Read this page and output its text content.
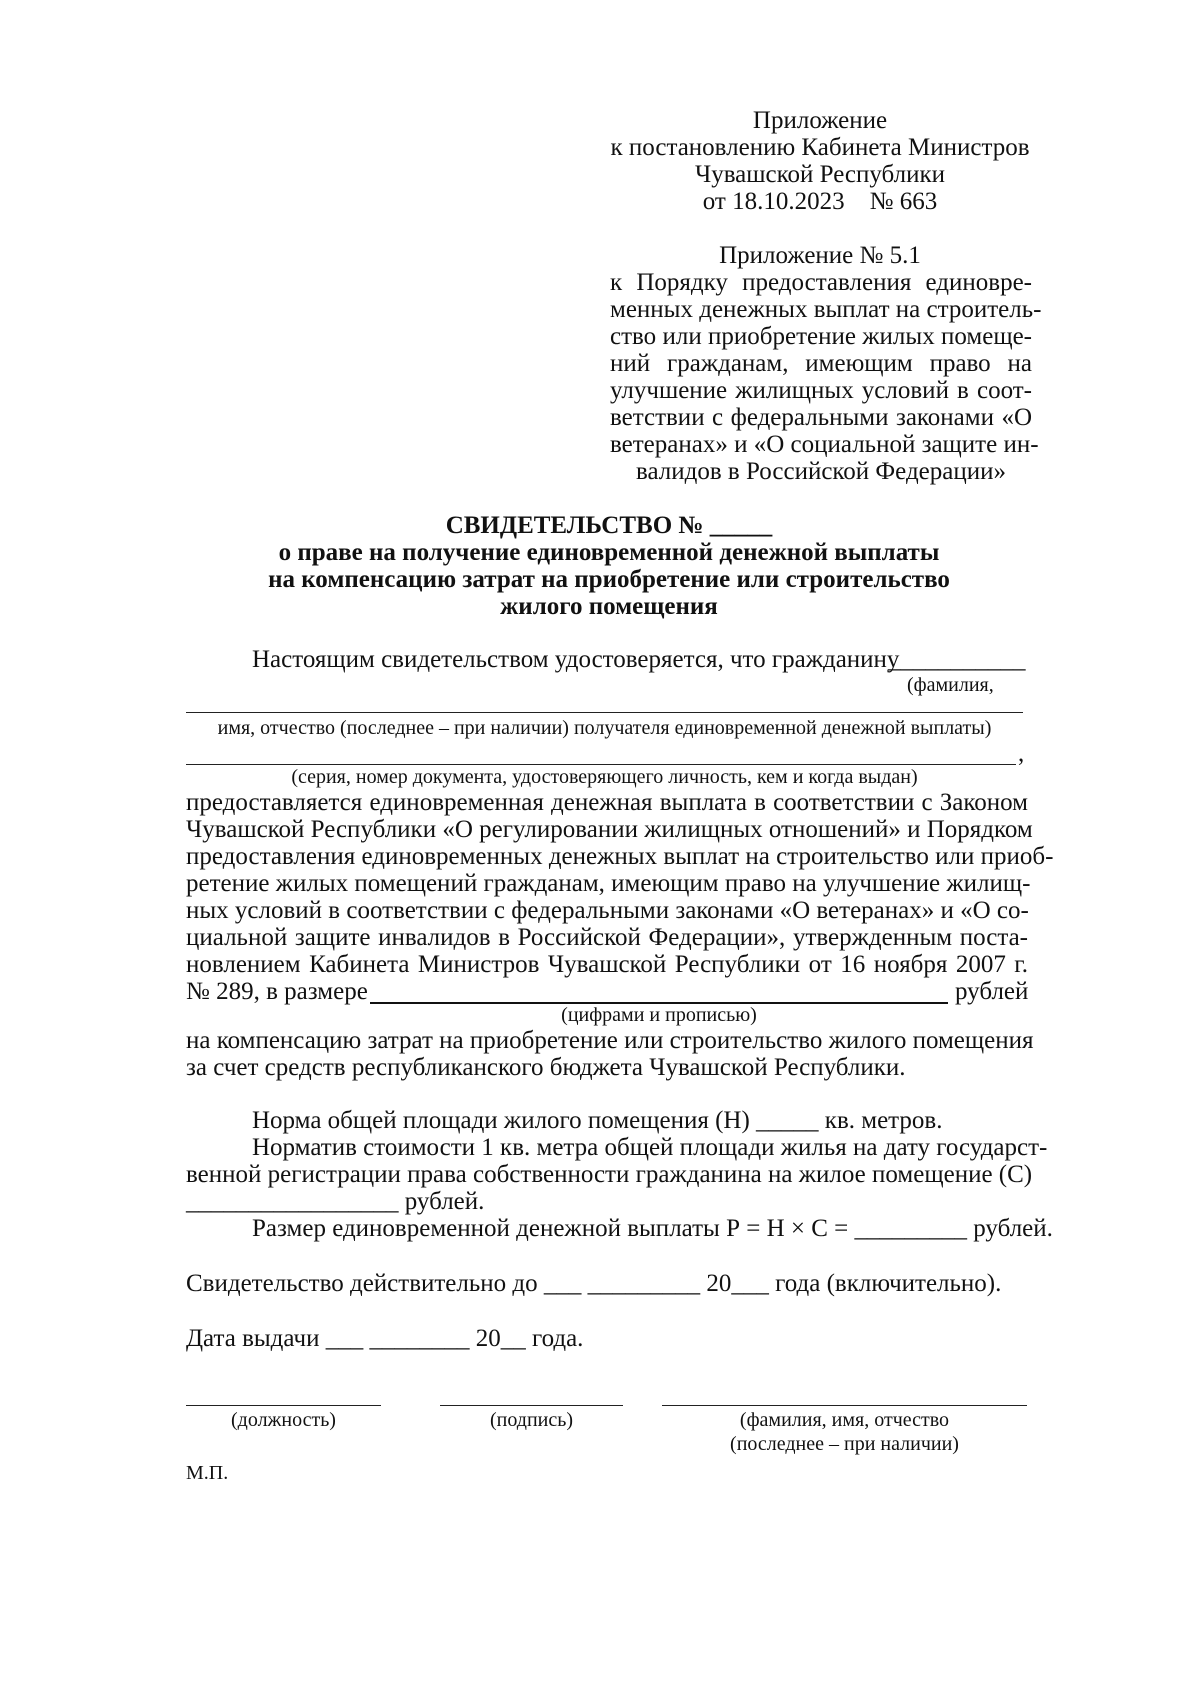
Приложение
к постановлению Кабинета Министров
Чувашской Республики
от 18.10.2023    № 663
Приложение № 5.1
к Порядку предоставления единовре-
менных денежных выплат на строитель-
ство или приобретение жилых помеще-
ний гражданам, имеющим право на
улучшение жилищных условий в соот-
ветствии с федеральными законами «О
ветеранах» и «О социальной защите ин-
валидов в Российской Федерации»
СВИДЕТЕЛЬСТВО № _____
о праве на получение единовременной денежной выплаты
на компенсацию затрат на приобретение или строительство
жилого помещения
Настоящим свидетельством удостоверяется, что гражданину
___________
(фамилия,
имя, отчество (последнее – при наличии) получателя единовременной денежной выплаты)
,
(серия, номер документа, удостоверяющего личность, кем и когда выдан)
предоставляется единовременная денежная выплата в соответствии с Законом
Чувашской Республики «О регулировании жилищных отношений» и Порядком
предоставления единовременных денежных выплат на строительство или приоб-
ретение жилых помещений гражданам, имеющим право на улучшение жилищ-
ных условий в соответствии с федеральными законами «О ветеранах» и «О со-
циальной защите инвалидов в Российской Федерации», утвержденным поста-
новлением Кабинета Министров Чувашской Республики от 16 ноября 2007 г.
№ 289, в размере	рублей
(цифрами и прописью)
на компенсацию затрат на приобретение или строительство жилого помещения
за счет средств республиканского бюджета Чувашской Республики.
Норма общей площади жилого помещения (Н) _____ кв. метров.
Норматив стоимости 1 кв. метра общей площади жилья на дату государст-
венной регистрации права собственности гражданина на жилое помещение (С)
_________________ рублей.
Размер единовременной денежной выплаты Р = Н × С = _________ рублей.
Свидетельство действительно до ___ _________ 20___ года (включительно).
Дата выдачи ___ ________ 20__ года.
(должность)	(подпись)	(фамилия, имя, отчество
(последнее – при наличии)
М.П.
